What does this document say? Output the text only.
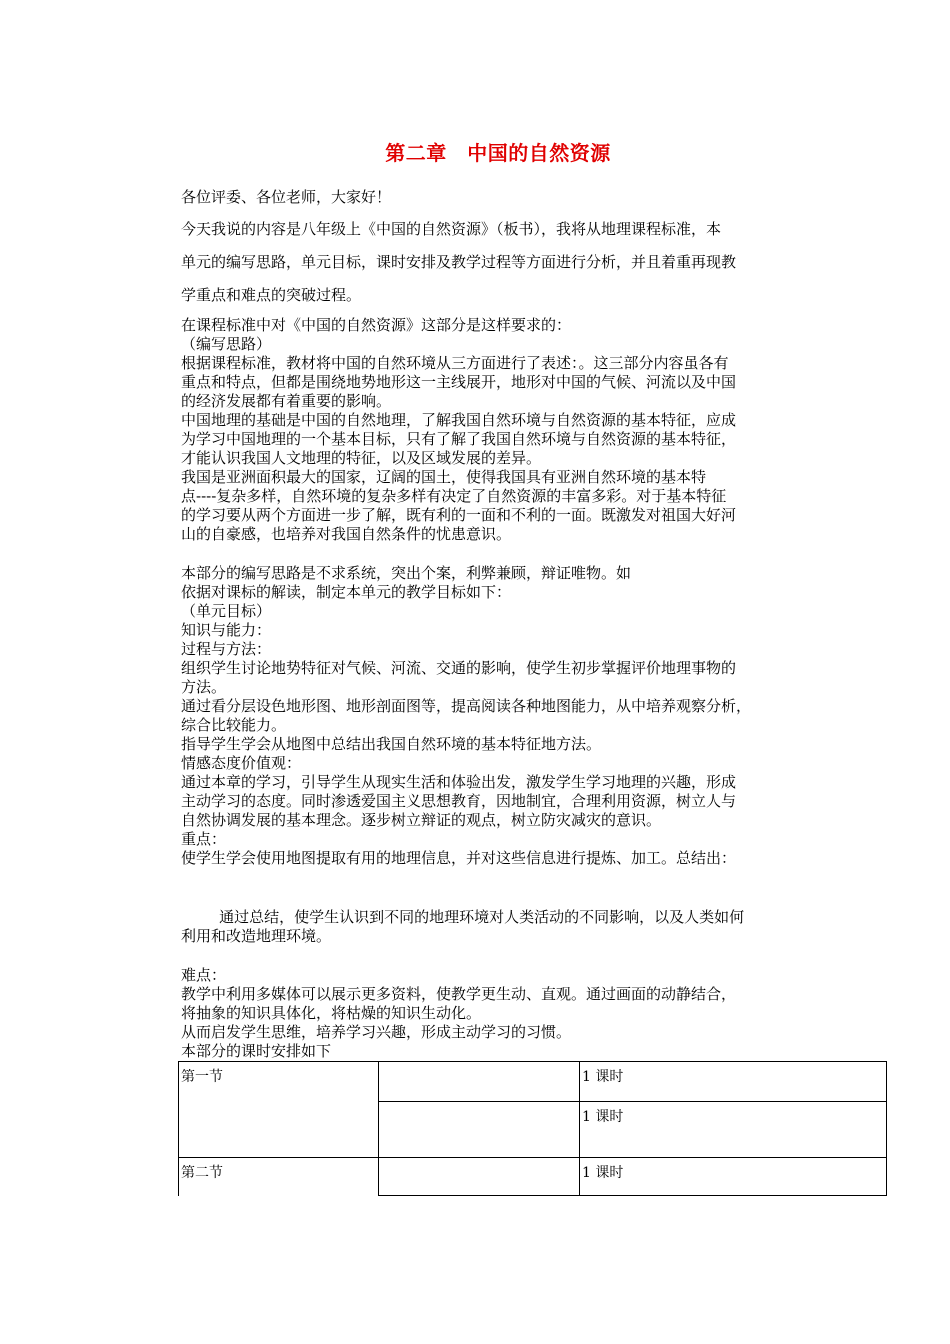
第二章　中国的自然资源
各位评委、各位老师，大家好！
今天我说的内容是八年级上《中国的自然资源》（板书），我将从地理课程标准，本
单元的编写思路，单元目标，课时安排及教学过程等方面进行分析，并且着重再现教
学重点和难点的突破过程。
在课程标准中对《中国的自然资源》这部分是这样要求的：
（编写思路）
根据课程标准，教材将中国的自然环境从三方面进行了表述：。这三部分内容虽各有
重点和特点，但都是围绕地势地形这一主线展开，地形对中国的气候、河流以及中国
的经济发展都有着重要的影响。
中国地理的基础是中国的自然地理，了解我国自然环境与自然资源的基本特征，应成
为学习中国地理的一个基本目标，只有了解了我国自然环境与自然资源的基本特征，
才能认识我国人文地理的特征，以及区域发展的差异。
我国是亚洲面积最大的国家，辽阔的国土，使得我国具有亚洲自然环境的基本特
点----复杂多样，自然环境的复杂多样有决定了自然资源的丰富多彩。对于基本特征
的学习要从两个方面进一步了解，既有利的一面和不利的一面。既激发对祖国大好河
山的自豪感，也培养对我国自然条件的忧患意识。
本部分的编写思路是不求系统，突出个案，利弊兼顾，辩证唯物。如
依据对课标的解读，制定本单元的教学目标如下：
（单元目标）
知识与能力：
过程与方法：
组织学生讨论地势特征对气候、河流、交通的影响，使学生初步掌握评价地理事物的
方法。
通过看分层设色地形图、地形剖面图等，提高阅读各种地图能力，从中培养观察分析，
综合比较能力。
指导学生学会从地图中总结出我国自然环境的基本特征地方法。
情感态度价值观：
通过本章的学习，引导学生从现实生活和体验出发，激发学生学习地理的兴趣，形成
主动学习的态度。同时渗透爱国主义思想教育，因地制宜，合理利用资源，树立人与
自然协调发展的基本理念。逐步树立辩证的观点，树立防灾减灾的意识。
重点：
使学生学会使用地图提取有用的地理信息，并对这些信息进行提炼、加工。总结出：
通过总结，使学生认识到不同的地理环境对人类活动的不同影响，以及人类如何
利用和改造地理环境。
难点：
教学中利用多媒体可以展示更多资料，使教学更生动、直观。通过画面的动静结合，
将抽象的知识具体化，将枯燥的知识生动化。
从而启发学生思维，培养学习兴趣，形成主动学习的习惯。
本部分的课时安排如下
第一节		1 课时
		1 课时
第二节		1 课时
